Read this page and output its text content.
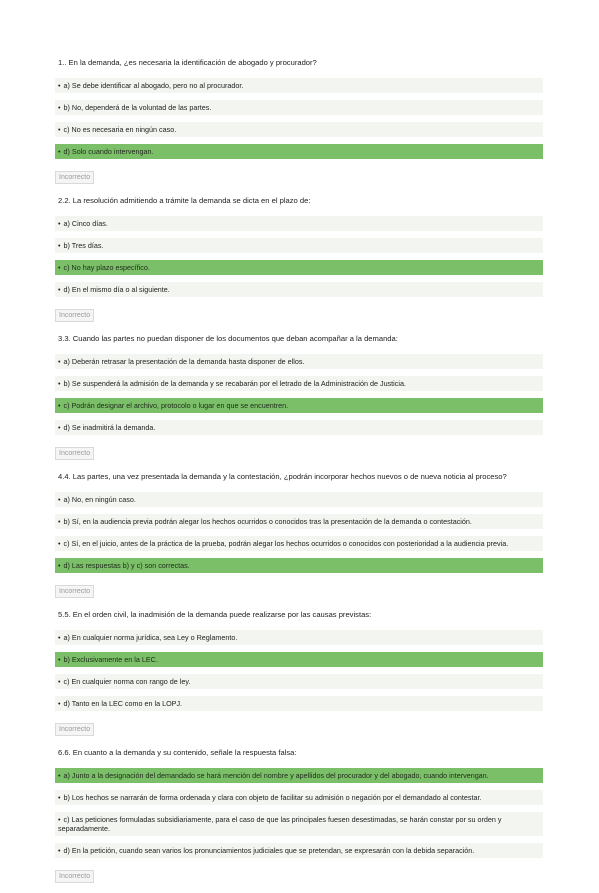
1.. En la demanda, ¿es necesaria la identificación de abogado y procurador?
• a) Se debe identificar al abogado, pero no al procurador.
• b) No, dependerá de la voluntad de las partes.
• c) No es necesaria en ningún caso.
• d) Solo cuando intervengan.
Incorrecto
2.2. La resolución admitiendo a trámite la demanda se dicta en el plazo de:
• a) Cinco días.
• b) Tres días.
• c) No hay plazo específico.
• d) En el mismo día o al siguiente.
Incorrecto
3.3. Cuando las partes no puedan disponer de los documentos que deban acompañar a la demanda:
• a) Deberán retrasar la presentación de la demanda hasta disponer de ellos.
• b) Se suspenderá la admisión de la demanda y se recabarán por el letrado de la Administración de Justicia.
• c) Podrán designar el archivo, protocolo o lugar en que se encuentren.
• d) Se inadmitirá la demanda.
Incorrecto
4.4. Las partes, una vez presentada la demanda y la contestación, ¿podrán incorporar hechos nuevos o de nueva noticia al proceso?
• a) No, en ningún caso.
• b) Sí, en la audiencia previa podrán alegar los hechos ocurridos o conocidos tras la presentación de la demanda o contestación.
• c) Sí, en el juicio, antes de la práctica de la prueba, podrán alegar los hechos ocurridos o conocidos con posterioridad a la audiencia previa.
• d) Las respuestas b) y c) son correctas.
Incorrecto
5.5. En el orden civil, la inadmisión de la demanda puede realizarse por las causas previstas:
• a) En cualquier norma jurídica, sea Ley o Reglamento.
• b) Exclusivamente en la LEC.
• c) En cualquier norma con rango de ley.
• d) Tanto en la LEC como en la LOPJ.
Incorrecto
6.6. En cuanto a la demanda y su contenido, señale la respuesta falsa:
• a) Junto a la designación del demandado se hará mención del nombre y apellidos del procurador y del abogado, cuando intervengan.
• b) Los hechos se narrarán de forma ordenada y clara con objeto de facilitar su admisión o negación por el demandado al contestar.
• c) Las peticiones formuladas subsidiariamente, para el caso de que las principales fuesen desestimadas, se harán constar por su orden y separadamente.
• d) En la petición, cuando sean varios los pronunciamientos judiciales que se pretendan, se expresarán con la debida separación.
Incorrecto
